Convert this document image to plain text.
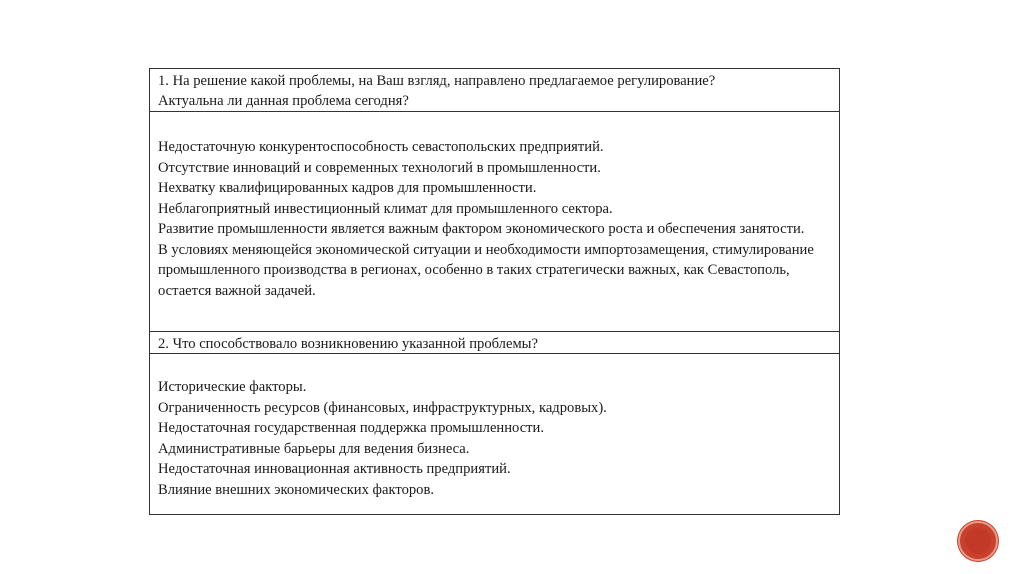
1. На решение какой проблемы, на Ваш взгляд, направлено предлагаемое регулирование?
Актуальна ли данная проблема сегодня?
Недостаточную конкурентоспособность севастопольских предприятий.
Отсутствие инноваций и современных технологий в промышленности.
Нехватку квалифицированных кадров для промышленности.
Неблагоприятный инвестиционный климат для промышленного сектора.
Развитие промышленности является важным фактором экономического роста и обеспечения занятости. В условиях меняющейся экономической ситуации и необходимости импортозамещения, стимулирование промышленного производства в регионах, особенно в таких стратегически важных, как Севастополь, остается важной задачей.
2. Что способствовало возникновению указанной проблемы?
Исторические факторы.
Ограниченность ресурсов (финансовых, инфраструктурных, кадровых).
Недостаточная государственная поддержка промышленности.
Административные барьеры для ведения бизнеса.
Недостаточная инновационная активность предприятий.
Влияние внешних экономических факторов.
